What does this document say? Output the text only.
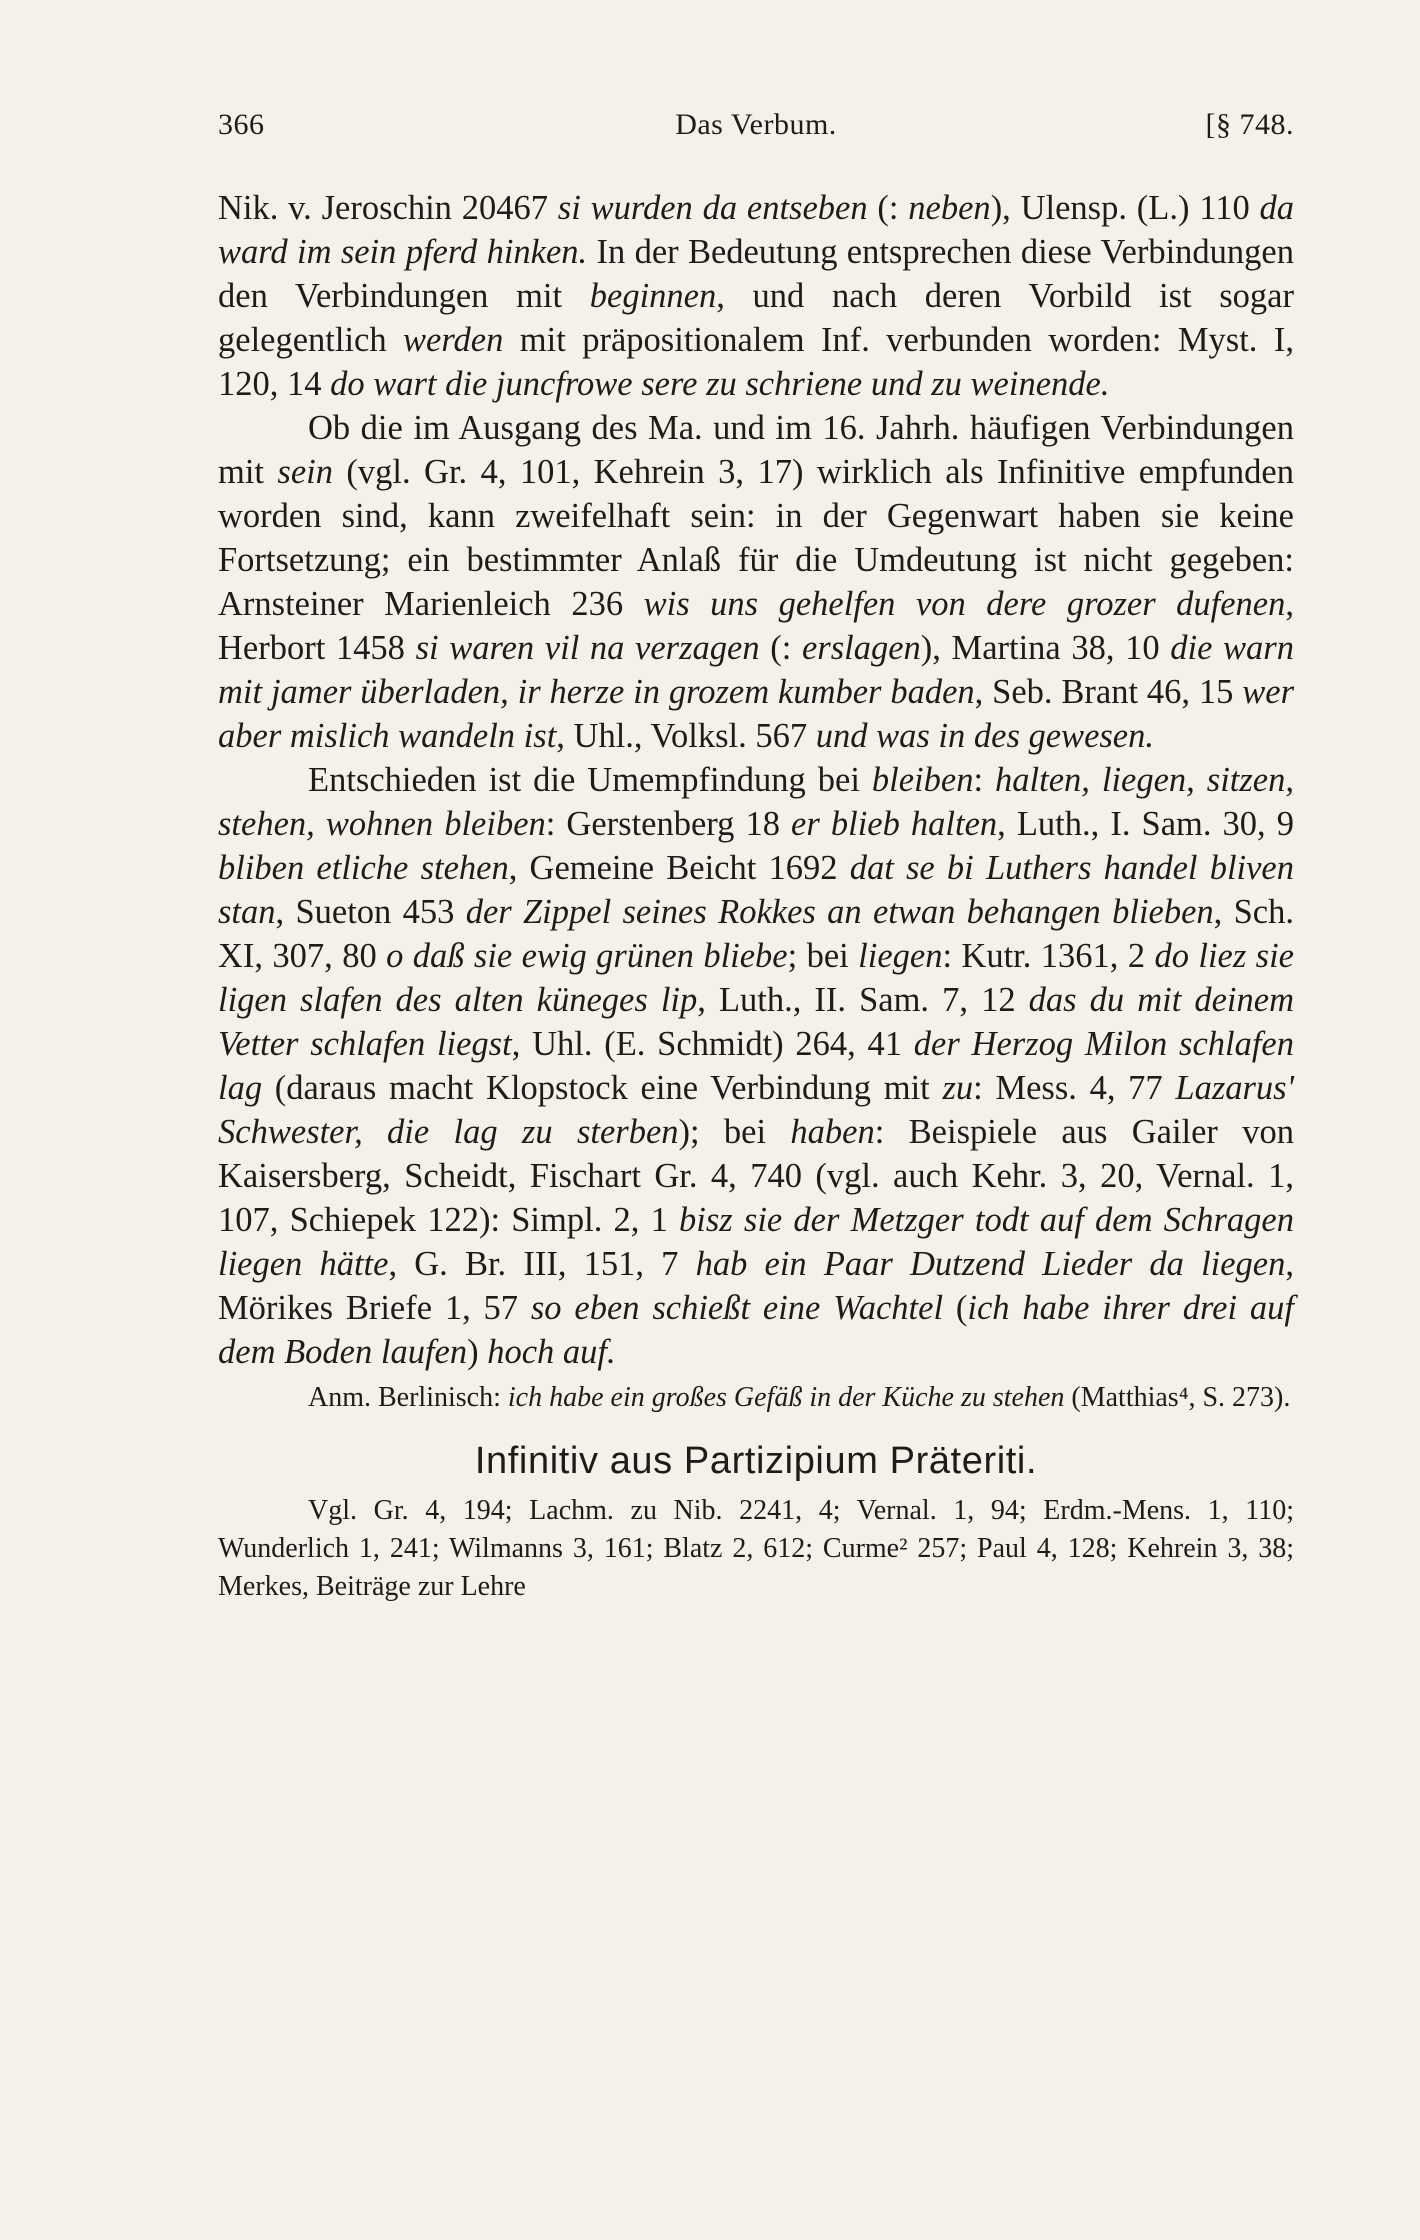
366	Das Verbum.	[§ 748.

Nik. v. Jeroschin 20467 si wurden da entseben (: neben), Ulensp. (L.) 110 da ward im sein pferd hinken. In der Bedeutung entsprechen diese Verbindungen den Verbindungen mit beginnen, und nach deren Vorbild ist sogar gelegentlich werden mit präpositionalem Inf. verbunden worden: Myst. I, 120, 14 do wart die juncfrowe sere zu schriene und zu weinende.

Ob die im Ausgang des Ma. und im 16. Jahrh. häufigen Verbindungen mit sein (vgl. Gr. 4, 101, Kehrein 3, 17) wirklich als Infinitive empfunden worden sind, kann zweifelhaft sein: in der Gegenwart haben sie keine Fortsetzung; ein bestimmter Anlaß für die Umdeutung ist nicht gegeben: Arnsteiner Marienleich 236 wis uns gehelfen von dere grozer dufenen, Herbort 1458 si waren vil na verzagen (: erslagen), Martina 38, 10 die warn mit jamer überladen, ir herze in grozem kumber baden, Seb. Brant 46, 15 wer aber mislich wandeln ist, Uhl., Volksl. 567 und was in des gewesen.

Entschieden ist die Umempfindung bei bleiben: halten, liegen, sitzen, stehen, wohnen bleiben: Gerstenberg 18 er blieb halten, Luth., I. Sam. 30, 9 bliben etliche stehen, Gemeine Beicht 1692 dat se bi Luthers handel bliven stan, Sueton 453 der Zippel seines Rokkes an etwan behangen blieben, Sch. XI, 307, 80 o daß sie ewig grünen bliebe; bei liegen: Kutr. 1361, 2 do liez sie ligen slafen des alten küneges lip, Luth., II. Sam. 7, 12 das du mit deinem Vetter schlafen liegst, Uhl. (E. Schmidt) 264, 41 der Herzog Milon schlafen lag (daraus macht Klopstock eine Verbindung mit zu: Mess. 4, 77 Lazarus' Schwester, die lag zu sterben); bei haben: Beispiele aus Gailer von Kaisersberg, Scheidt, Fischart Gr. 4, 740 (vgl. auch Kehr. 3, 20, Vernal. 1, 107, Schiepek 122): Simpl. 2, 1 bisz sie der Metzger todt auf dem Schragen liegen hätte, G. Br. III, 151, 7 hab ein Paar Dutzend Lieder da liegen, Mörikes Briefe 1, 57 so eben schießt eine Wachtel (ich habe ihrer drei auf dem Boden laufen) hoch auf.

Anm. Berlinisch: ich habe ein großes Gefäß in der Küche zu stehen (Matthias⁴, S. 273).

Infinitiv aus Partizipium Präteriti.

Vgl. Gr. 4, 194; Lachm. zu Nib. 2241, 4; Vernal. 1, 94; Erdm.-Mens. 1, 110; Wunderlich 1, 241; Wilmanns 3, 161; Blatz 2, 612; Curme² 257; Paul 4, 128; Kehrein 3, 38; Merkes, Beiträge zur Lehre
